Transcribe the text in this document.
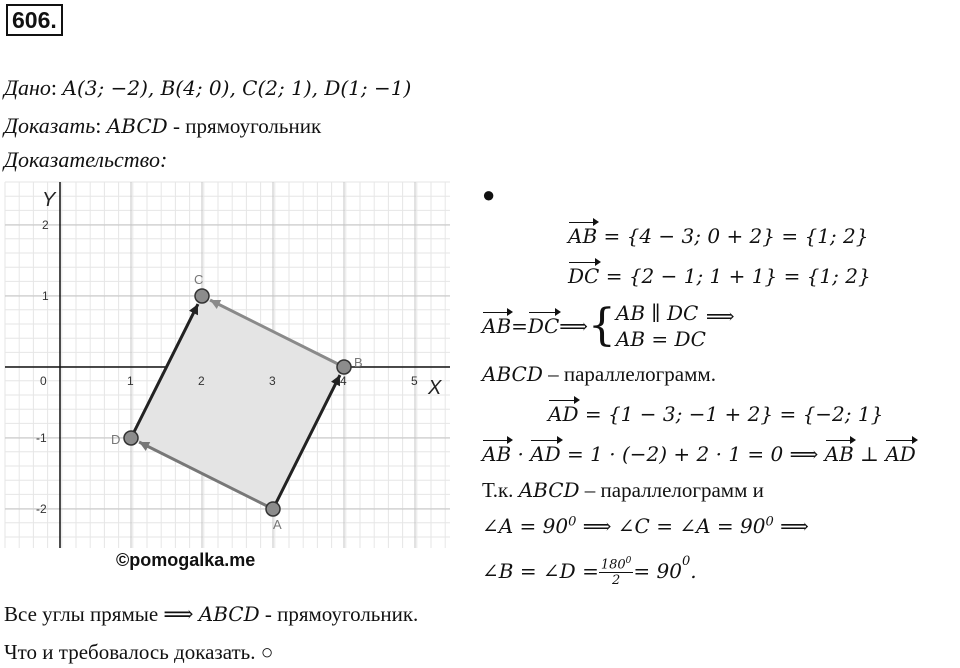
606.
Дано: A(3; −2), B(4; 0), C(2; 1), D(1; −1)
Доказать: ABCD - прямоугольник
Доказательство:
0	1	2	3	4	5
2
1
-1
-2
A
B
C
D
Y
X
©pomogalka.me
●
AB = {4 − 3; 0 + 2} = {1; 2}
DC = {2 − 1; 1 + 1} = {1; 2}
AB = DC ⟹ { AB ∥ DC
AB = DC
⟹
ABCD – параллелограмм.
AD = {1 − 3; −1 + 2} = {−2; 1}
AB · AD = 1 · (−2) + 2 · 1 = 0 ⟹ AB ⊥ AD
Т.к. ABCD – параллелограмм и
∠A = $90^0$ ⟹ ∠C = ∠A = $90^0$ ⟹
∠B = ∠D = $\frac{180^0}{2} = 90$ 0 .
Все углы прямые ⟹ ABCD - прямоугольник.
Что и требовалось доказать. ○
